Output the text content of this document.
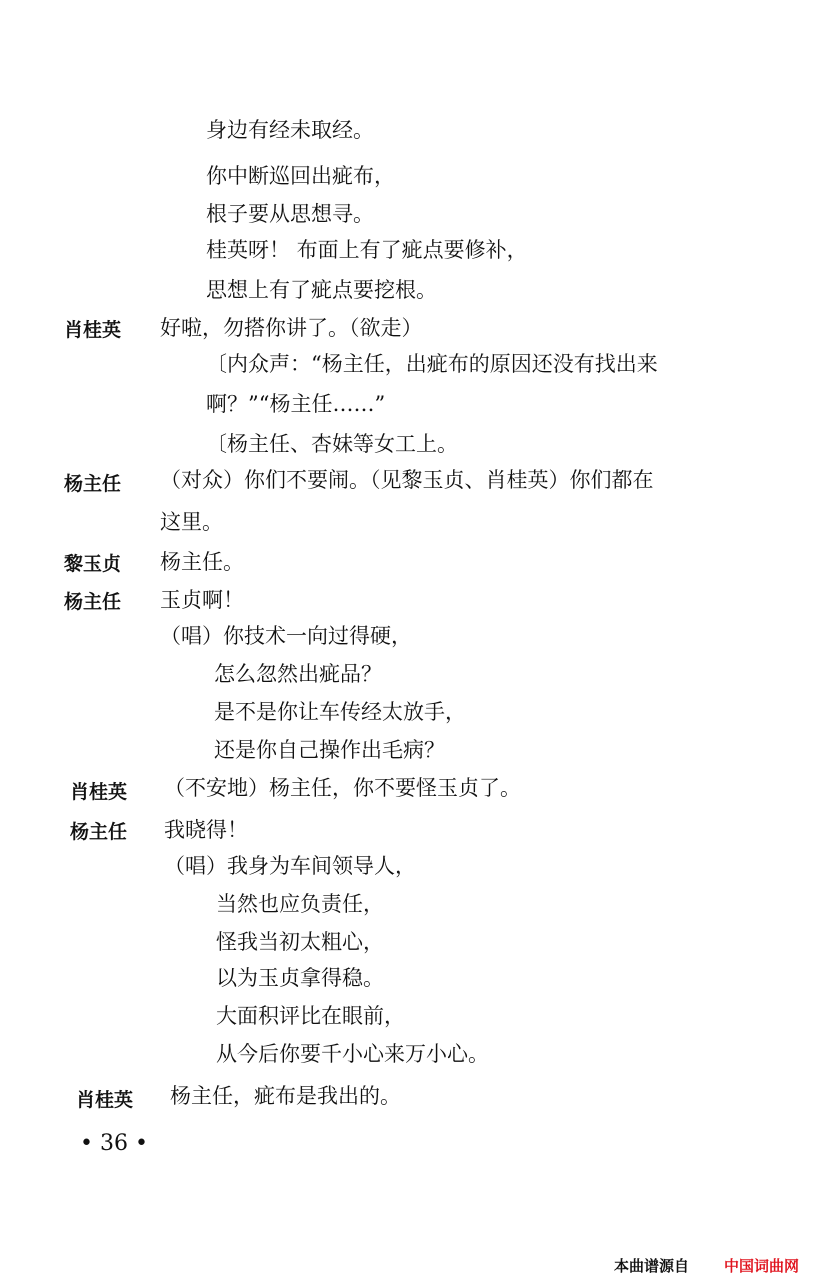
身边有经未取经。
你中断巡回出疵布，
根子要从思想寻。
桂英呀！ 布面上有了疵点要修补，
思想上有了疵点要挖根。
肖桂英 好啦，勿搭你讲了。（欲走）
〔内众声：“杨主任，出疵布的原因还没有找出来
啊？”“杨主任……”
〔杨主任、杏妹等女工上。
杨主任 （对众）你们不要闹。（见黎玉贞、肖桂英）你们都在
这里。
黎玉贞 杨主任。
杨主任 玉贞啊！
（唱）你技术一向过得硬，
怎么忽然出疵品？
是不是你让车传经太放手，
还是你自己操作出毛病？
肖桂英 （不安地）杨主任，你不要怪玉贞了。
杨主任 我晓得！
（唱）我身为车间领导人，
当然也应负责任，
怪我当初太粗心，
以为玉贞拿得稳。
大面积评比在眼前，
从今后你要千小心来万小心。
肖桂英 杨主任，疵布是我出的。
• 36 •
本曲谱源自 中国词曲网
